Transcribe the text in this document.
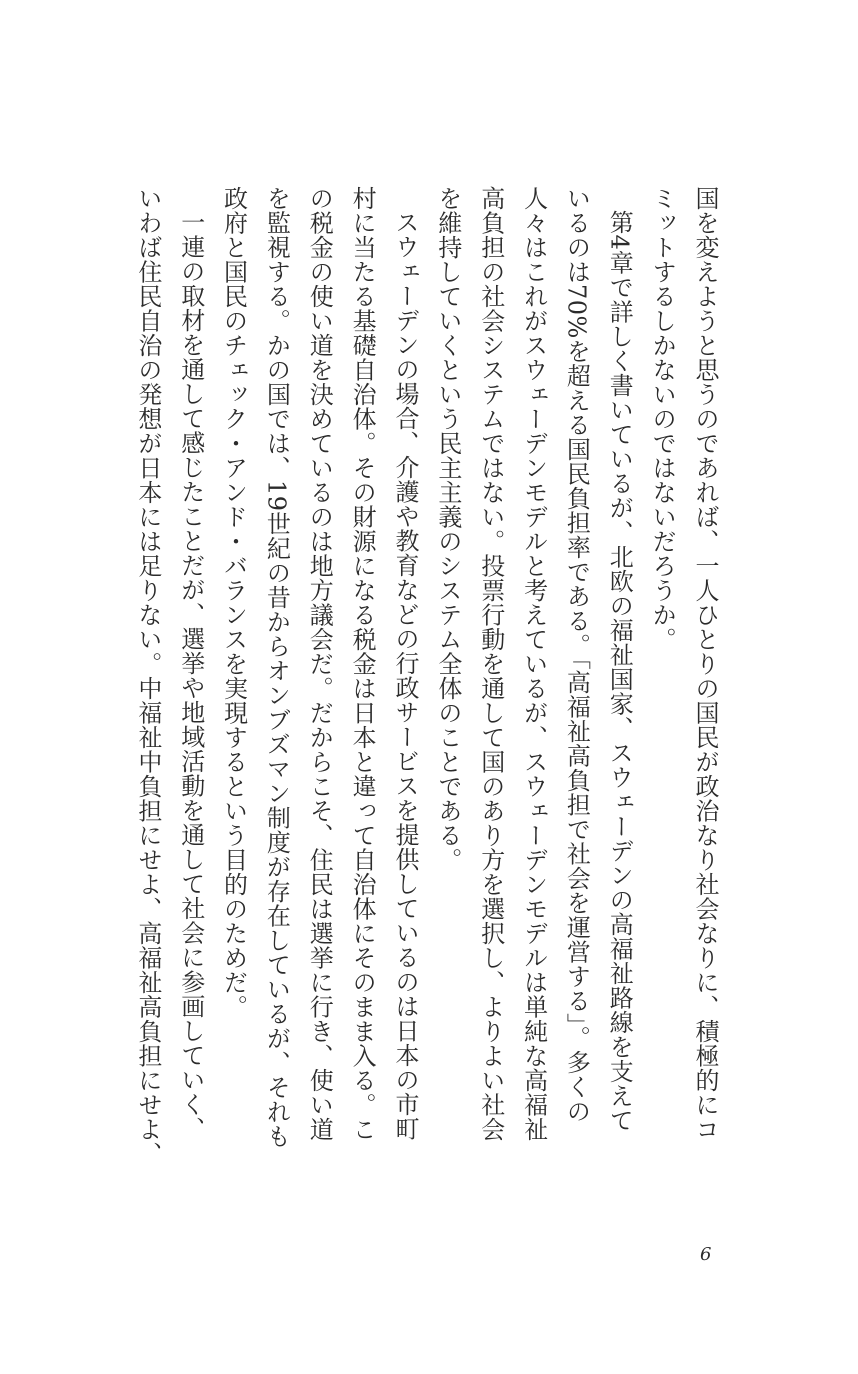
国を変えようと思うのであれば、一人ひとりの国民が政治なり社会なりに、積極的にコ
ミットするしかないのではないだろうか。
第4章で詳しく書いているが、北欧の福祉国家、スウェーデンの高福祉路線を支えて
いるのは70%を超える国民負担率である。「高福祉高負担で社会を運営する」。多くの
人々はこれがスウェーデンモデルと考えているが、スウェーデンモデルは単純な高福祉
高負担の社会システムではない。投票行動を通して国のあり方を選択し、よりよい社会
を維持していくという民主主義のシステム全体のことである。
スウェーデンの場合、介護や教育などの行政サービスを提供しているのは日本の市町
村に当たる基礎自治体。その財源になる税金は日本と違って自治体にそのまま入る。こ
の税金の使い道を決めているのは地方議会だ。だからこそ、住民は選挙に行き、使い道
を監視する。かの国では、19世紀の昔からオンブズマン制度が存在しているが、それも
政府と国民のチェック・アンド・バランスを実現するという目的のためだ。
一連の取材を通して感じたことだが、選挙や地域活動を通して社会に参画していく、
いわば住民自治の発想が日本には足りない。中福祉中負担にせよ、高福祉高負担にせよ、
6
